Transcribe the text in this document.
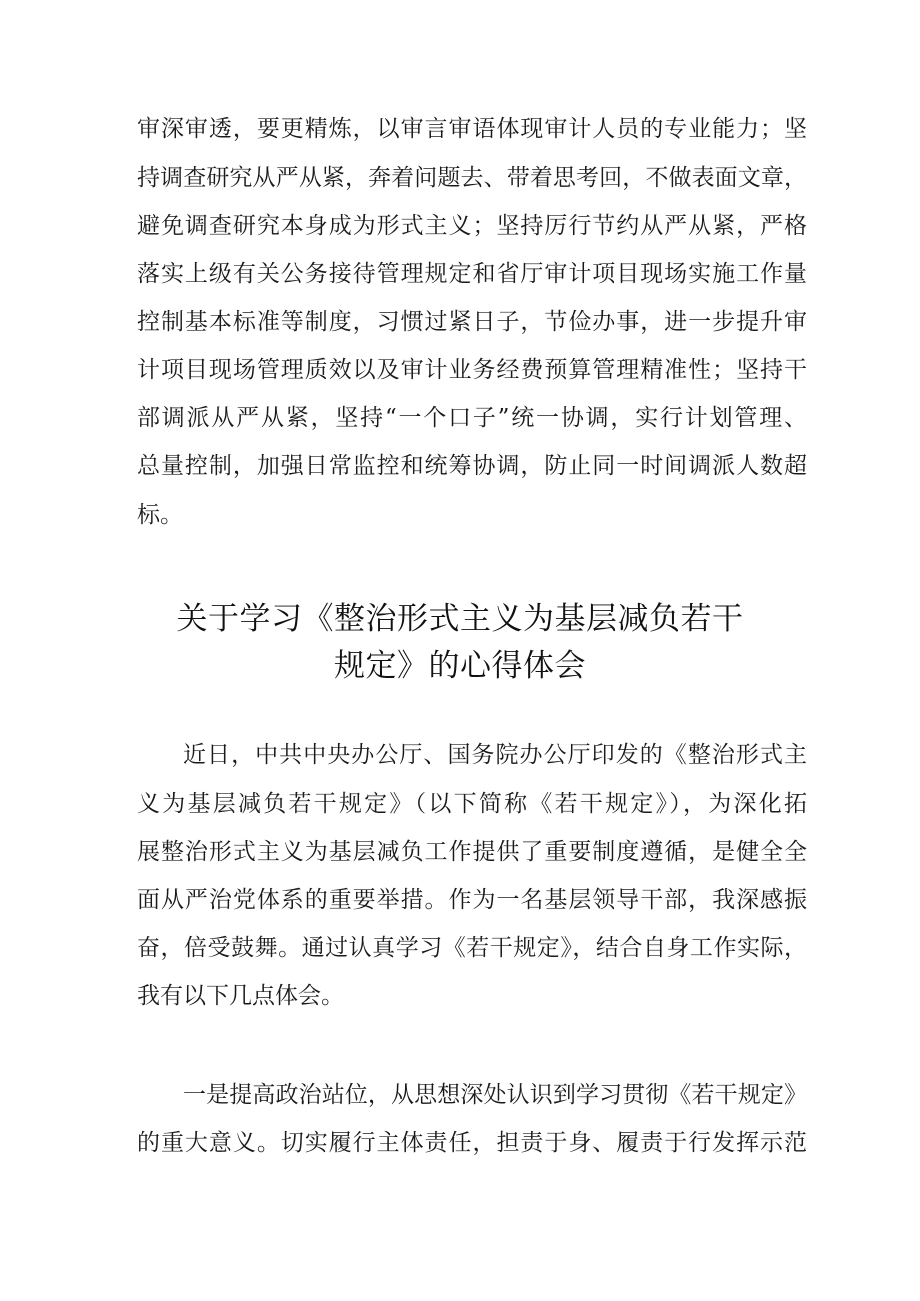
审深审透，要更精炼，以审言审语体现审计人员的专业能力；坚
持调查研究从严从紧，奔着问题去、带着思考回，不做表面文章，
避免调查研究本身成为形式主义；坚持厉行节约从严从紧，严格
落实上级有关公务接待管理规定和省厅审计项目现场实施工作量
控制基本标准等制度，习惯过紧日子，节俭办事，进一步提升审
计项目现场管理质效以及审计业务经费预算管理精准性；坚持干
部调派从严从紧，坚持“一个口子”统一协调，实行计划管理、
总量控制，加强日常监控和统筹协调，防止同一时间调派人数超
标。
关于学习《整治形式主义为基层减负若干
规定》的心得体会
近日，中共中央办公厅、国务院办公厅印发的《整治形式主
义为基层减负若干规定》（以下简称《若干规定》），为深化拓
展整治形式主义为基层减负工作提供了重要制度遵循，是健全全
面从严治党体系的重要举措。作为一名基层领导干部，我深感振
奋，倍受鼓舞。通过认真学习《若干规定》，结合自身工作实际，
我有以下几点体会。
一是提高政治站位，从思想深处认识到学习贯彻《若干规定》
的重大意义。切实履行主体责任，担责于身、履责于行发挥示范
